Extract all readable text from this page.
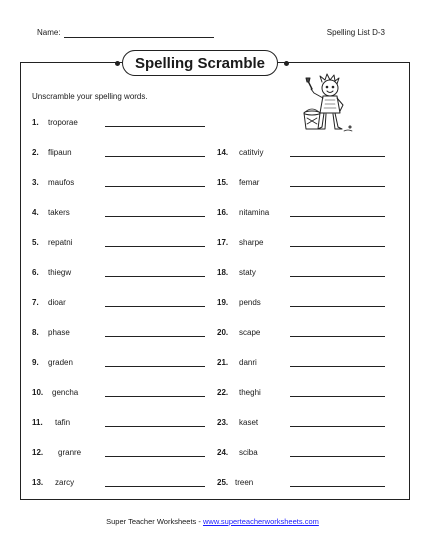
Name:	Spelling List D-3
Spelling Scramble
Unscramble your spelling words.
1. troporae
2. flipaun
3. maufos
4. takers
5. repatni
6. thiegw
7. dioar
8. phase
9. graden
10. gencha
11. tafin
12. granre
13. zarcy
14. catitviy
15. femar
16. nitamina
17. sharpe
18. staty
19. pends
20. scape
21. danri
22. theghi
23. kaset
24. sciba
25. treen
Super Teacher Worksheets - www.superteacherworksheets.com
